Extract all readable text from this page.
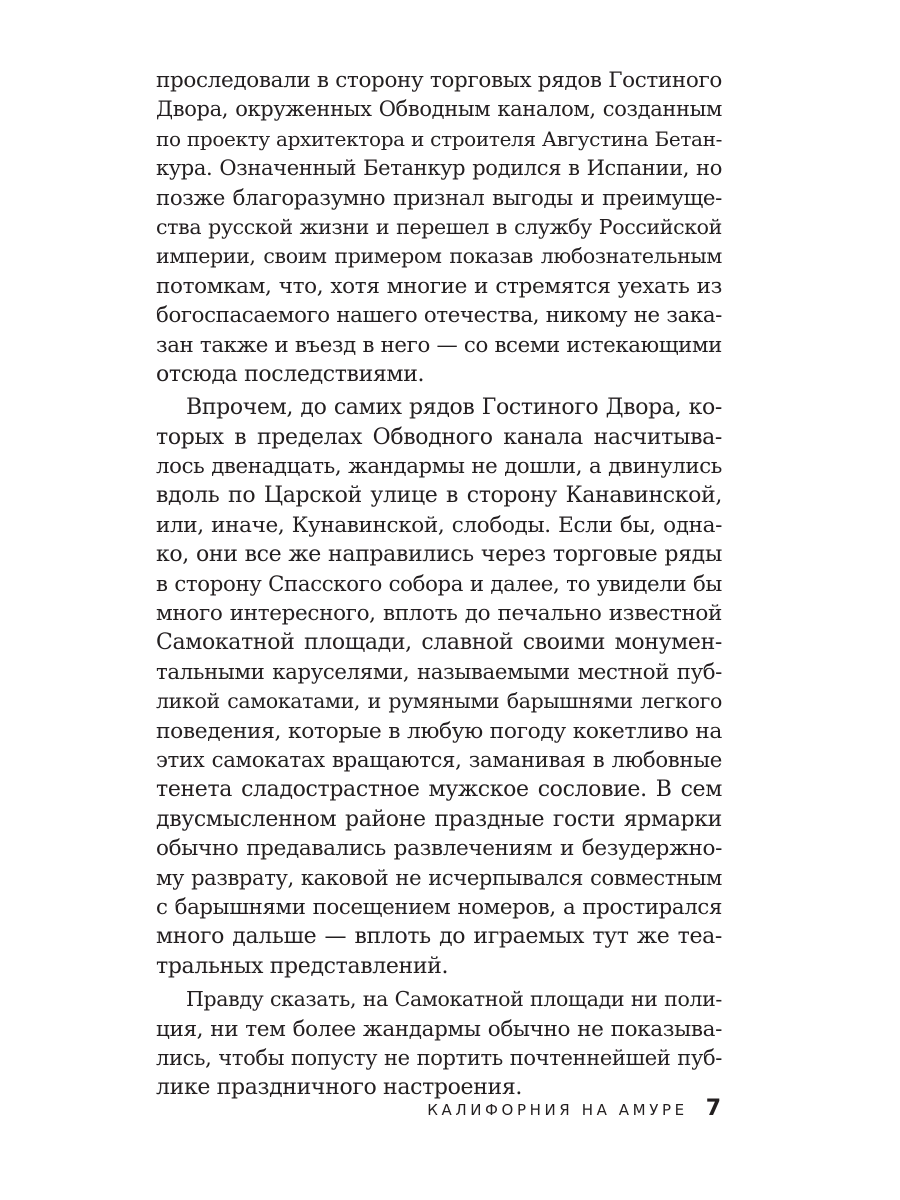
проследовали в сторону торговых рядов Гостиного
Двора, окруженных Обводным каналом, созданным
по проекту архитектора и строителя Августина Бетан-
кура. Означенный Бетанкур родился в Испании, но
позже благоразумно признал выгоды и преимуще-
ства русской жизни и перешел в службу Российской
империи, своим примером показав любознательным
потомкам, что, хотя многие и стремятся уехать из
богоспасаемого нашего отечества, никому не зака-
зан также и въезд в него — со всеми истекающими
отсюда последствиями.
Впрочем, до самих рядов Гостиного Двора, ко-
торых в пределах Обводного канала насчитыва-
лось двенадцать, жандармы не дошли, а двинулись
вдоль по Царской улице в сторону Канавинской,
или, иначе, Кунавинской, слободы. Если бы, одна-
ко, они все же направились через торговые ряды
в сторону Спасского собора и далее, то увидели бы
много интересного, вплоть до печально известной
Самокатной площади, славной своими монумен-
тальными каруселями, называемыми местной пуб-
ликой самокатами, и румяными барышнями легкого
поведения, которые в любую погоду кокетливо на
этих самокатах вращаются, заманивая в любовные
тенета сладострастное мужское сословие. В сем
двусмысленном районе праздные гости ярмарки
обычно предавались развлечениям и безудержно-
му разврату, каковой не исчерпывался совместным
с барышнями посещением номеров, а простирался
много дальше — вплоть до играемых тут же теа-
тральных представлений.
Правду сказать, на Самокатной площади ни поли-
ция, ни тем более жандармы обычно не показыва-
лись, чтобы попусту не портить почтеннейшей пуб-
лике праздничного настроения.
КАЛИФОРНИЯ НА АМУРЕ 7
